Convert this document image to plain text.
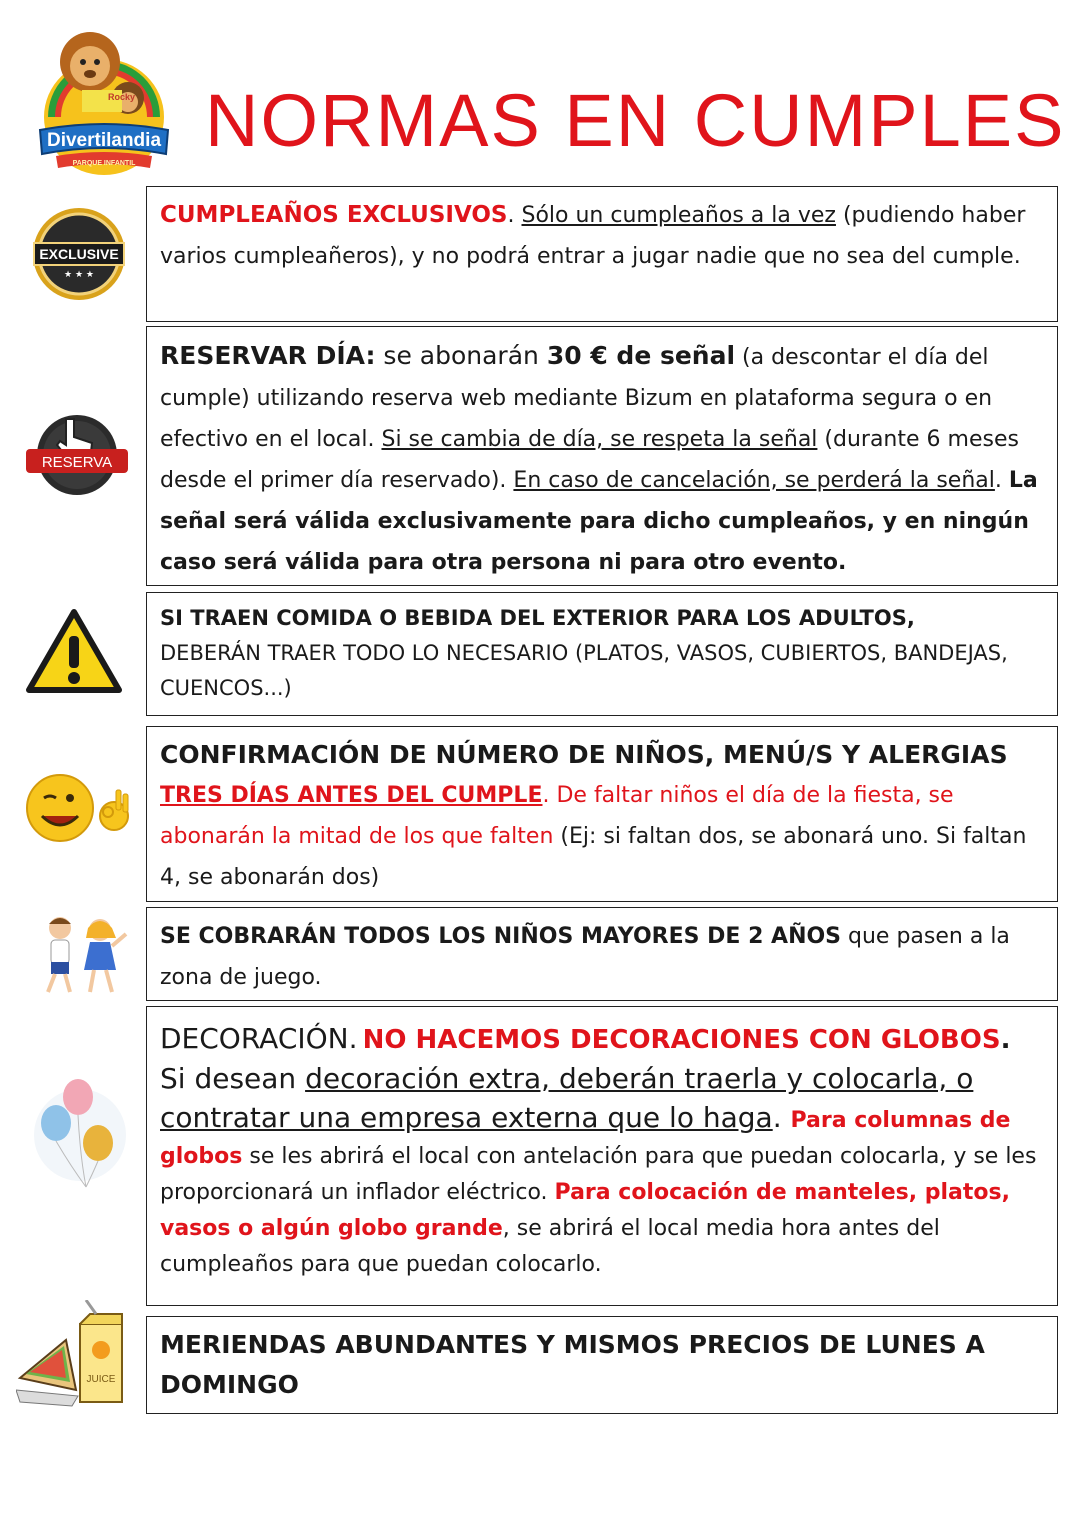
Rocky
Divertilandia
PARQUE INFANTIL
NORMAS EN CUMPLES
EXCLUSIVE
★ ★ ★
CUMPLEAÑOS EXCLUSIVOS. Sólo un cumpleaños a la vez (pudiendo haber varios cumpleañeros), y no podrá entrar a jugar nadie que no sea del cumple.
RESERVA
RESERVAR DÍA: se abonarán 30 € de señal (a descontar el día del cumple) utilizando reserva web mediante Bizum en plataforma segura o en efectivo en el local. Si se cambia de día, se respeta la señal (durante 6 meses desde el primer día reservado). En caso de cancelación, se perderá la señal. La señal será válida exclusivamente para dicho cumpleaños, y en ningún caso será válida para otra persona ni para otro evento.
SI TRAEN COMIDA O BEBIDA DEL EXTERIOR PARA LOS ADULTOS,
DEBERÁN TRAER TODO LO NECESARIO (PLATOS, VASOS, CUBIERTOS, BANDEJAS, CUENCOS...)
CONFIRMACIÓN DE NÚMERO DE NIÑOS, MENÚ/S Y ALERGIAS
TRES DÍAS ANTES DEL CUMPLE. De faltar niños el día de la fiesta, se abonarán la mitad de los que falten (Ej: si faltan dos, se abonará uno. Si faltan 4, se abonarán dos)
SE COBRARÁN TODOS LOS NIÑOS MAYORES DE 2 AÑOS que pasen a la zona de juego.
DECORACIÓN. NO HACEMOS DECORACIONES CON GLOBOS.
Si desean decoración extra, deberán traerla y colocarla, o contratar una empresa externa que lo haga. Para columnas de globos se les abrirá el local con antelación para que puedan colocarla, y se les proporcionará un inflador eléctrico. Para colocación de manteles, platos, vasos o algún globo grande, se abrirá el local media hora antes del cumpleaños para que puedan colocarlo.
JUICE
MERIENDAS ABUNDANTES Y MISMOS PRECIOS DE LUNES A DOMINGO
